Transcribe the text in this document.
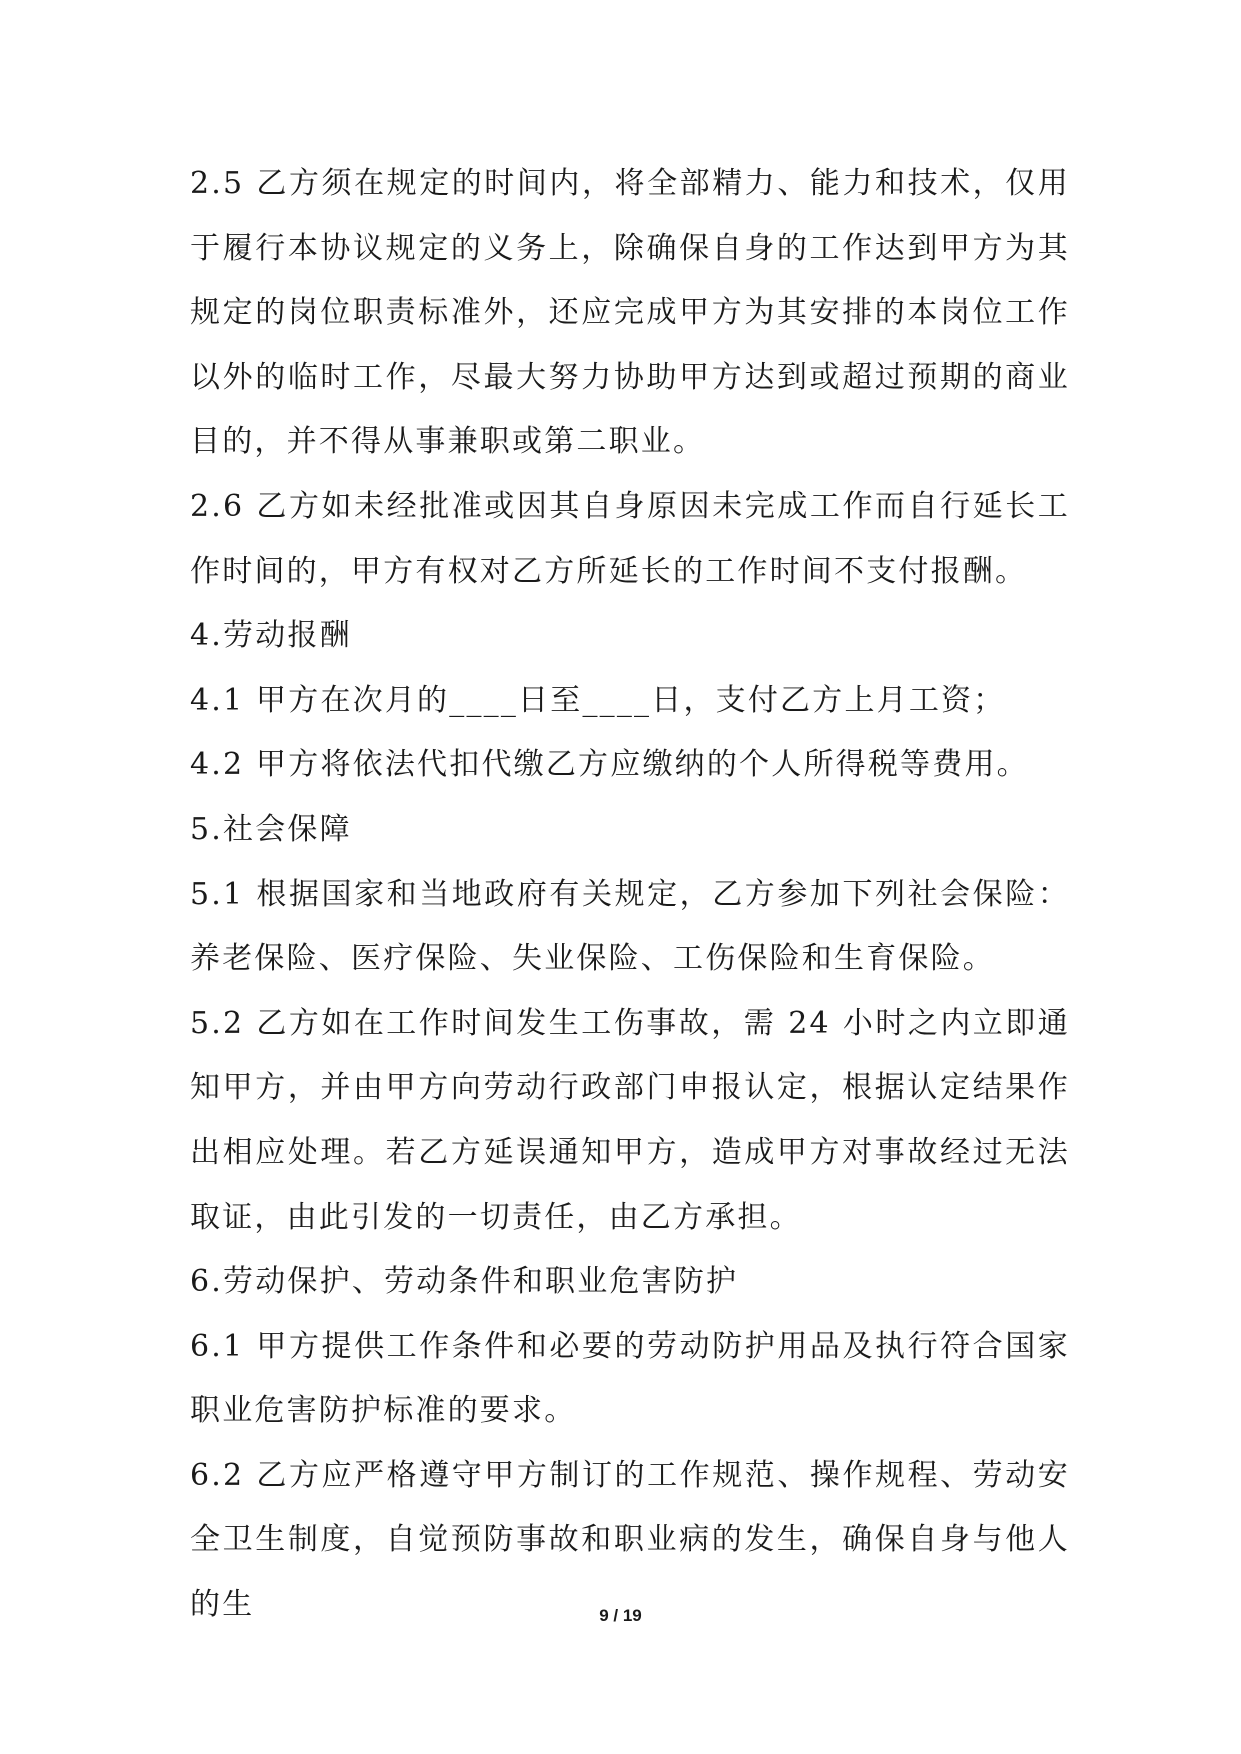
2.5 乙方须在规定的时间内，将全部精力、能力和技术，仅用于履行本协议规定的义务上，除确保自身的工作达到甲方为其规定的岗位职责标准外，还应完成甲方为其安排的本岗位工作以外的临时工作，尽最大努力协助甲方达到或超过预期的商业目的，并不得从事兼职或第二职业。

2.6 乙方如未经批准或因其自身原因未完成工作而自行延长工作时间的，甲方有权对乙方所延长的工作时间不支付报酬。

4.劳动报酬

4.1 甲方在次月的____日至____日，支付乙方上月工资；

4.2 甲方将依法代扣代缴乙方应缴纳的个人所得税等费用。

5.社会保障

5.1 根据国家和当地政府有关规定，乙方参加下列社会保险：养老保险、医疗保险、失业保险、工伤保险和生育保险。

5.2 乙方如在工作时间发生工伤事故，需 24 小时之内立即通知甲方，并由甲方向劳动行政部门申报认定，根据认定结果作出相应处理。若乙方延误通知甲方，造成甲方对事故经过无法取证，由此引发的一切责任，由乙方承担。

6.劳动保护、劳动条件和职业危害防护

6.1 甲方提供工作条件和必要的劳动防护用品及执行符合国家职业危害防护标准的要求。

6.2 乙方应严格遵守甲方制订的工作规范、操作规程、劳动安全卫生制度，自觉预防事故和职业病的发生，确保自身与他人的生	9 / 19
